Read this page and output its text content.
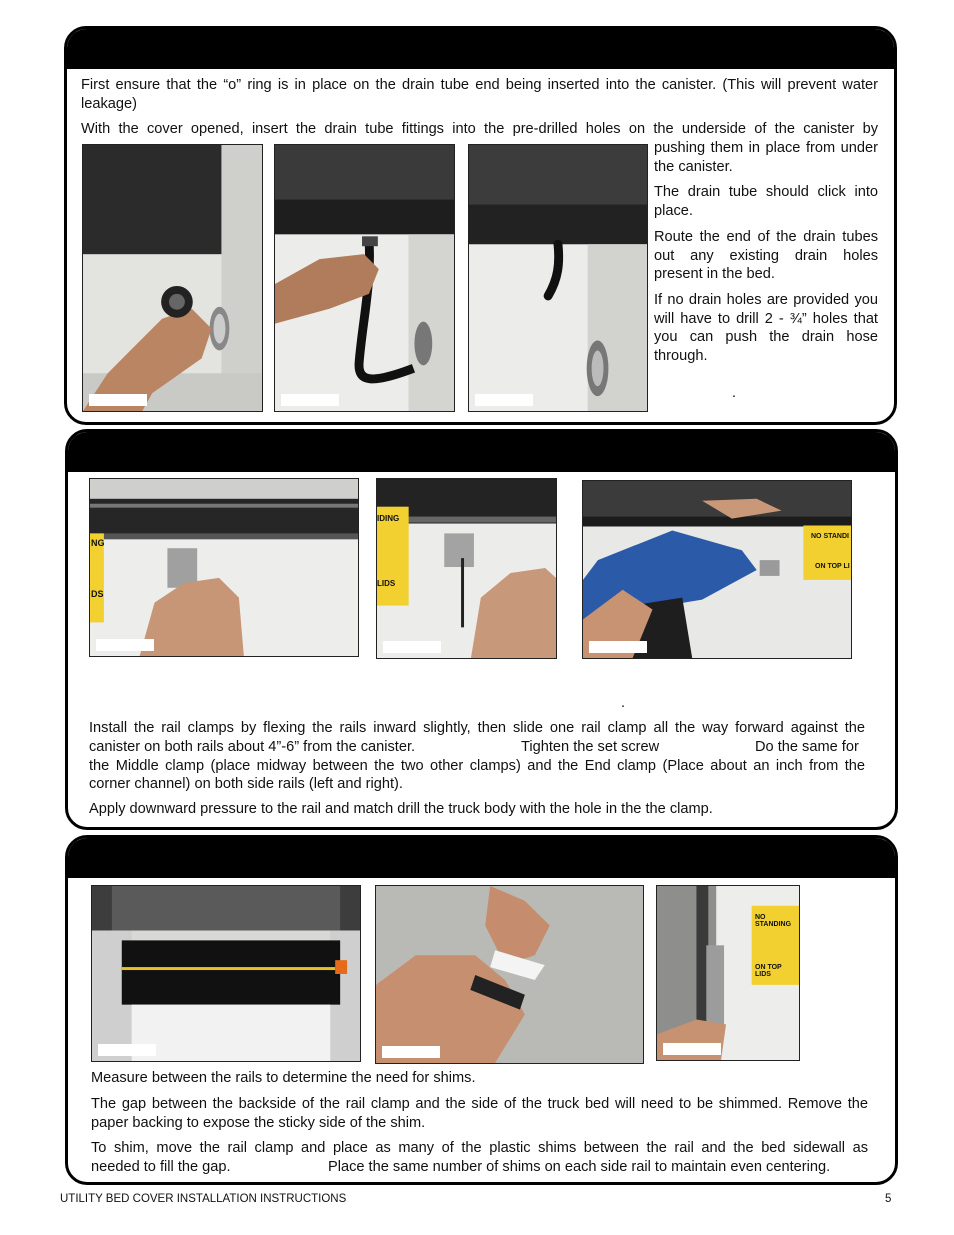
First ensure that the “o” ring is in place on the drain tube end being inserted into the canister. (This will prevent water leakage)
With the cover opened, insert the drain tube fittings into the pre-drilled holes on the underside of the canister by
pushing them in place from under the canister.
The drain tube should click into place.
Route the end of the drain tubes out any existing drain holes present in the bed.
If no drain holes are provided you will have to drill 2 - ¾” holes that you can push the drain hose through.
.
NG
DS
IDING
LIDS
NO STANDI
ON TOP LI
.
Install the rail clamps by flexing the rails inward slightly, then slide one rail clamp all the way forward against the
canister on both rails about 4”-6” from the canister.	Tighten the set screw	Do the same for
the Middle clamp (place midway between the two other clamps) and the End clamp (Place about an inch from the
corner channel) on both side rails (left and right).
Apply downward pressure to the rail and match drill the truck body with the hole in the the clamp.
NO STANDING
ON TOP LIDS
Measure between the rails to determine the need for shims.
The gap between the backside of the rail clamp and the side of the truck bed will need to be shimmed. Remove the paper backing to expose the sticky side of the shim.
To shim, move the rail clamp and place as many of the plastic shims between the rail and the bed sidewall as
needed to fill the gap.	Place the same number of shims on each side rail to maintain even centering.
UTILITY BED COVER INSTALLATION INSTRUCTIONS	5
